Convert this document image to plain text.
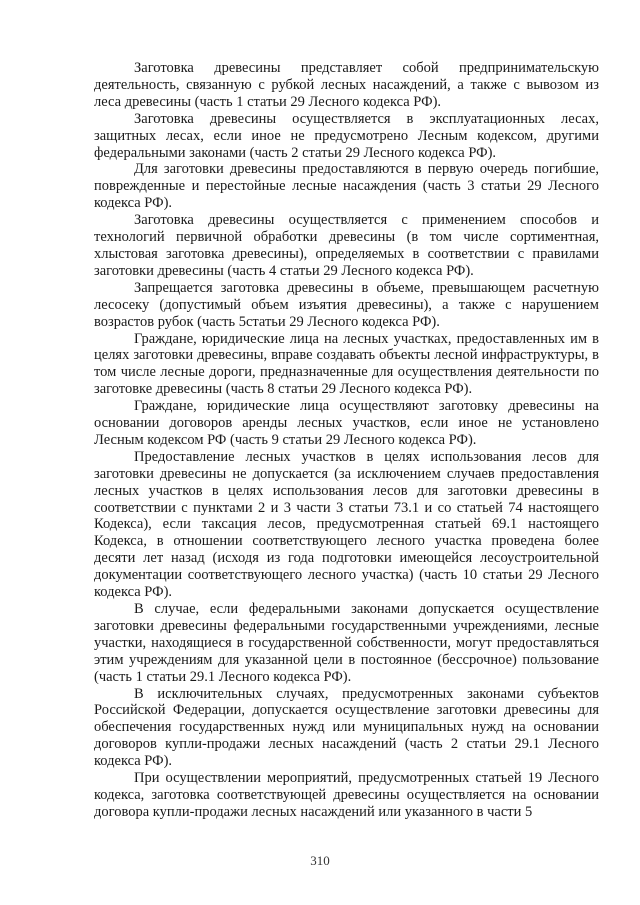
Заготовка древесины представляет собой предпринимательскую деятельность, связанную с рубкой лесных насаждений, а также с вывозом из леса древесины (часть 1 статьи 29 Лесного кодекса РФ).

Заготовка древесины осуществляется в эксплуатационных лесах, защитных лесах, если иное не предусмотрено Лесным кодексом, другими федеральными законами (часть 2 статьи 29 Лесного кодекса РФ).

Для заготовки древесины предоставляются в первую очередь погибшие, поврежденные и перестойные лесные насаждения (часть 3 статьи 29 Лесного кодекса РФ).

Заготовка древесины осуществляется с применением способов и технологий первичной обработки древесины (в том числе сортиментная, хлыстовая заготовка древесины), определяемых в соответствии с правилами заготовки древесины (часть 4 статьи 29 Лесного кодекса РФ).

Запрещается заготовка древесины в объеме, превышающем расчетную лесосеку (допустимый объем изъятия древесины), а также с нарушением возрастов рубок (часть 5статьи 29 Лесного кодекса РФ).

Граждане, юридические лица на лесных участках, предоставленных им в целях заготовки древесины, вправе создавать объекты лесной инфраструктуры, в том числе лесные дороги, предназначенные для осуществления деятельности по заготовке древесины (часть 8 статьи 29 Лесного кодекса РФ).

Граждане, юридические лица осуществляют заготовку древесины на основании договоров аренды лесных участков, если иное не установлено Лесным кодексом РФ (часть 9 статьи 29 Лесного кодекса РФ).

Предоставление лесных участков в целях использования лесов для заготовки древесины не допускается (за исключением случаев предоставления лесных участков в целях использования лесов для заготовки древесины в соответствии с пунктами 2 и 3 части 3 статьи 73.1 и со статьей 74 настоящего Кодекса), если таксация лесов, предусмотренная статьей 69.1 настоящего Кодекса, в отношении соответствующего лесного участка проведена более десяти лет назад (исходя из года подготовки имеющейся лесоустроительной документации соответствующего лесного участка) (часть 10 статьи 29 Лесного кодекса РФ).

В случае, если федеральными законами допускается осуществление заготовки древесины федеральными государственными учреждениями, лесные участки, находящиеся в государственной собственности, могут предоставляться этим учреждениям для указанной цели в постоянное (бессрочное) пользование (часть 1 статьи 29.1 Лесного кодекса РФ).

В исключительных случаях, предусмотренных законами субъектов Российской Федерации, допускается осуществление заготовки древесины для обеспечения государственных нужд или муниципальных нужд на основании договоров купли-продажи лесных насаждений (часть 2 статьи 29.1 Лесного кодекса РФ).

При осуществлении мероприятий, предусмотренных статьей 19 Лесного кодекса, заготовка соответствующей древесины осуществляется на основании договора купли-продажи лесных насаждений или указанного в части 5

310
